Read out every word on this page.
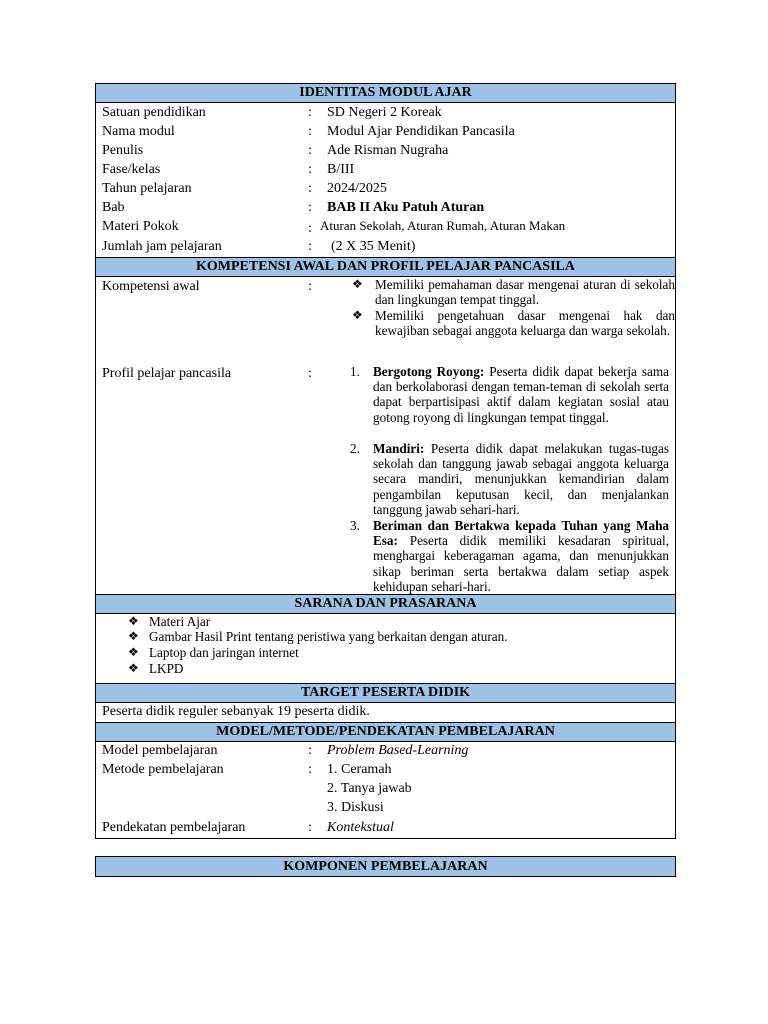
IDENTITAS MODUL AJAR
Satuan pendidikan	: SD Negeri 2 Koreak
Nama modul	: Modul Ajar Pendidikan Pancasila
Penulis	: Ade Risman Nugraha
Fase/kelas	: B/III
Tahun pelajaran	: 2024/2025
Bab	: BAB II Aku Patuh Aturan
Materi Pokok	: Aturan Sekolah, Aturan Rumah, Aturan Makan
Jumlah jam pelajaran	: (2 X 35 Menit)
KOMPETENSI AWAL DAN PROFIL PELAJAR PANCASILA
Kompetensi awal	:	❖ Memiliki pemahaman dasar mengenai aturan di sekolah dan lingkungan tempat tinggal.
❖ Memiliki pengetahuan dasar mengenai hak dan kewajiban sebagai anggota keluarga dan warga sekolah.
Profil pelajar pancasila	:	1. Bergotong Royong: Peserta didik dapat bekerja sama dan berkolaborasi dengan teman-teman di sekolah serta dapat berpartisipasi aktif dalam kegiatan sosial atau gotong royong di lingkungan tempat tinggal.
2. Mandiri: Peserta didik dapat melakukan tugas-tugas sekolah dan tanggung jawab sebagai anggota keluarga secara mandiri, menunjukkan kemandirian dalam pengambilan keputusan kecil, dan menjalankan tanggung jawab sehari-hari.
3. Beriman dan Bertakwa kepada Tuhan yang Maha Esa: Peserta didik memiliki kesadaran spiritual, menghargai keberagaman agama, dan menunjukkan sikap beriman serta bertakwa dalam setiap aspek kehidupan sehari-hari.
SARANA DAN PRASARANA
❖ Materi Ajar
❖ Gambar Hasil Print tentang peristiwa yang berkaitan dengan aturan.
❖ Laptop dan jaringan internet
❖ LKPD
TARGET PESERTA DIDIK
Peserta didik reguler sebanyak 19 peserta didik.
MODEL/METODE/PENDEKATAN PEMBELAJARAN
Model pembelajaran	: Problem Based-Learning
Metode pembelajaran	: 1. Ceramah
2. Tanya jawab
3. Diskusi
Pendekatan pembelajaran	: Kontekstual
KOMPONEN PEMBELAJARAN
